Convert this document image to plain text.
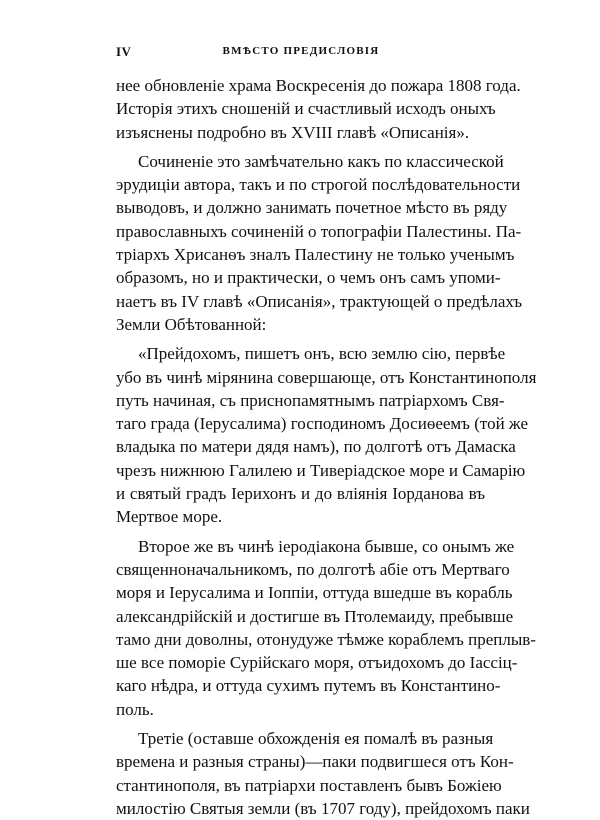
IV	ВМѢСТО ПРЕДИСЛОВІЯ
нее обновленіе храма Воскресенія до пожара 1808 года.
Исторія этихъ сношеній и счастливый исходъ оныхъ
изъяснены подробно въ XVIII главѣ «Описанія».
Сочиненіе это замѣчательно какъ по классической
эрудиціи автора, такъ и по строгой послѣдовательности
выводовъ, и должно занимать почетное мѣсто въ ряду
православныхъ сочиненій о топографіи Палестины. Па-
тріархъ Хрисанѳъ зналъ Палестину не только ученымъ
образомъ, но и практически, о чемъ онъ самъ упоми-
наетъ въ IV главѣ «Описанія», трактующей о предѣлахъ
Земли Обѣтованной:
«Прейдохомъ, пишетъ онъ, всю землю сію, первѣе
убо въ чинѣ мірянина совершающе, отъ Константинополя
путь начиная, съ приснопамятнымъ патріархомъ Свя-
таго града (Іерусалима) господиномъ Досиѳеемъ (той же
владыка по матери дядя намъ), по долготѣ отъ Дамаска
чрезъ нижнюю Галилею и Тиверіадское море и Самарію
и святый градъ Іерихонъ и до вліянія Іорданова въ
Мертвое море.
Второе же въ чинѣ іеродіакона бывше, со онымъ же
священноначальникомъ, по долготѣ абіе отъ Мертваго
моря и Іерусалима и Іоппіи, оттуда вшедше въ корабль
александрійскій и достигше въ Птолемаиду, пребывше
тамо дни доволны, отонудуже тѣмже кораблемъ преплыв-
ше все поморіе Сурійскаго моря, отъидохомъ до Іассіц-
каго нѣдра, и оттуда сухимъ путемъ въ Константино-
поль.
Третіе (оставше обхожденія ея помалѣ въ разныя
времена и разныя страны)—паки подвигшеся отъ Кон-
стантинополя, въ патріархи поставленъ бывъ Божіею
милостію Святыя земли (въ 1707 году), прейдохомъ паки
